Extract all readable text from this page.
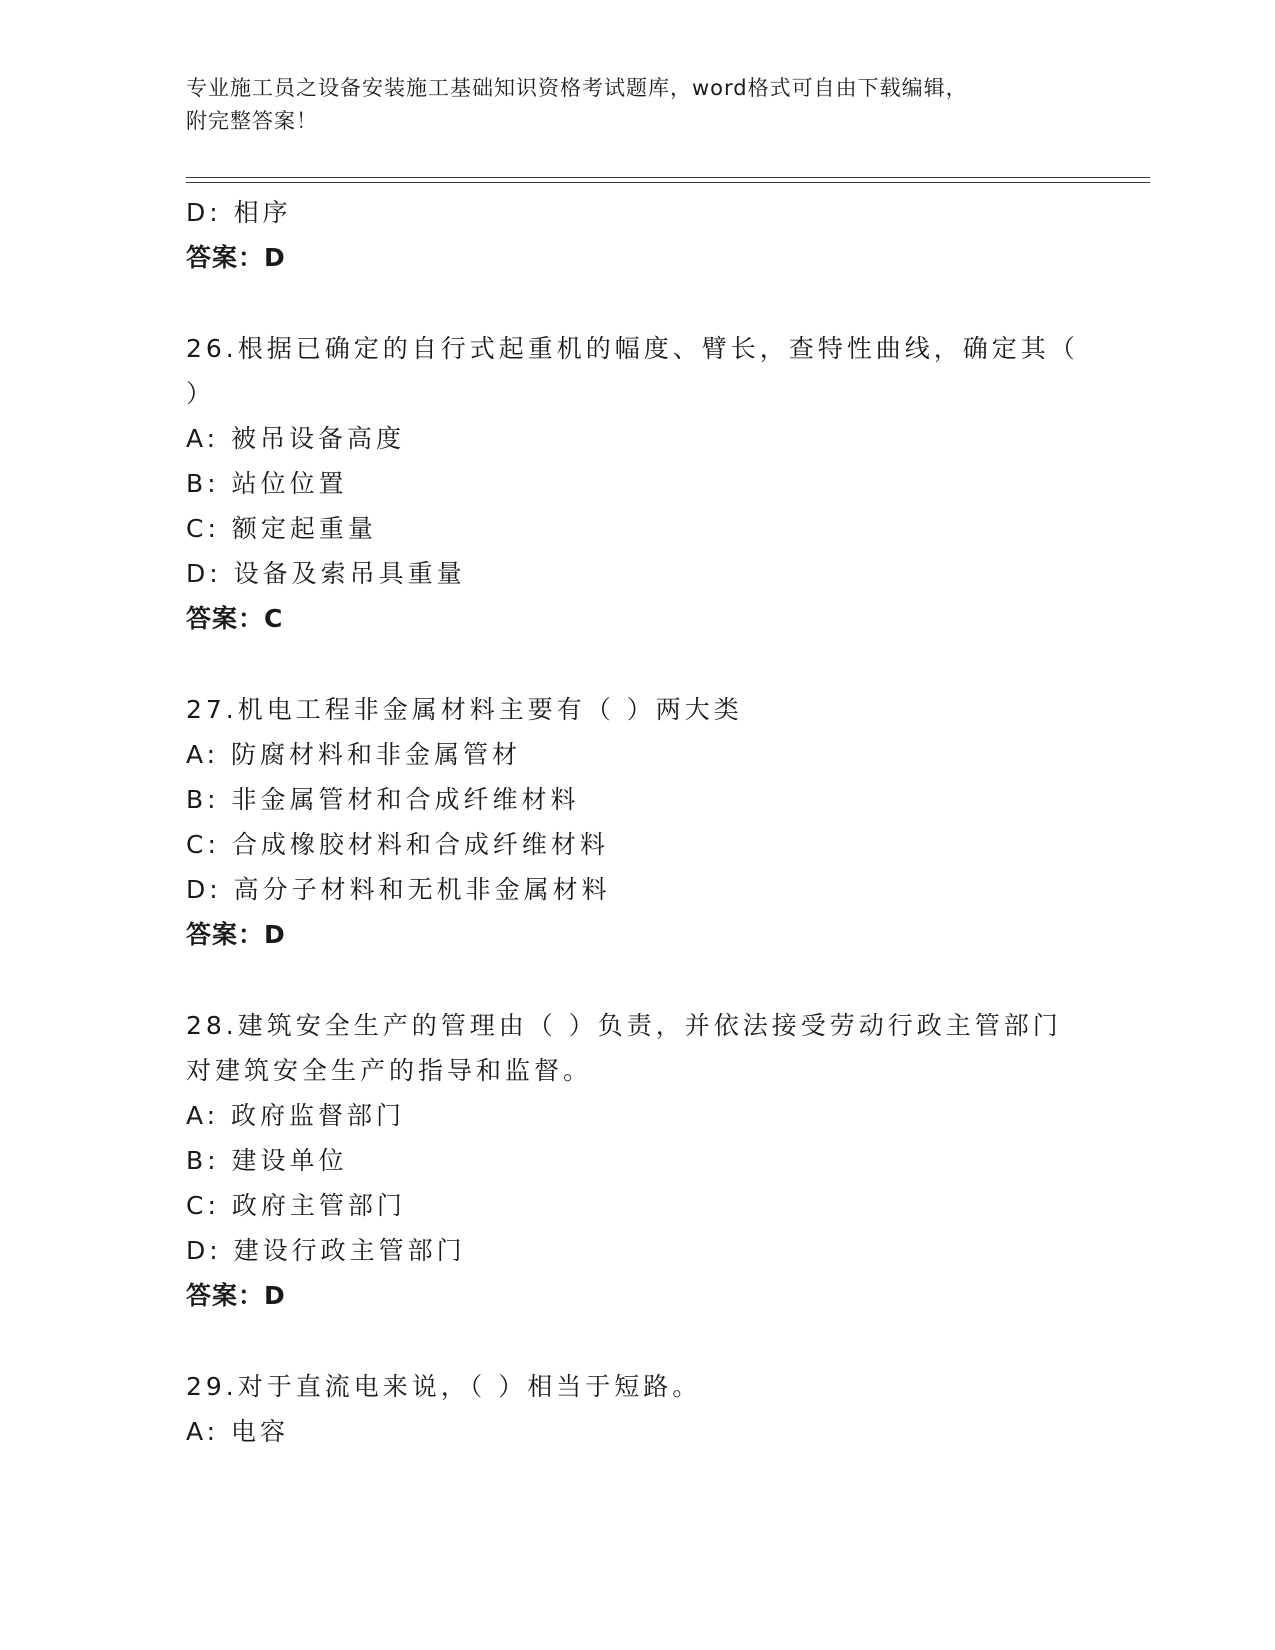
专业施工员之设备安装施工基础知识资格考试题库，word格式可自由下载编辑，
附完整答案！
D: 相序
答案：D
26.根据已确定的自行式起重机的幅度、臂长，查特性曲线，确定其（
）
A: 被吊设备高度
B: 站位位置
C: 额定起重量
D: 设备及索吊具重量
答案：C
27.机电工程非金属材料主要有（ ）两大类
A: 防腐材料和非金属管材
B: 非金属管材和合成纤维材料
C: 合成橡胶材料和合成纤维材料
D: 高分子材料和无机非金属材料
答案：D
28.建筑安全生产的管理由（ ）负责，并依法接受劳动行政主管部门
对建筑安全生产的指导和监督。
A: 政府监督部门
B: 建设单位
C: 政府主管部门
D: 建设行政主管部门
答案：D
29.对于直流电来说，（ ）相当于短路。
A: 电容
